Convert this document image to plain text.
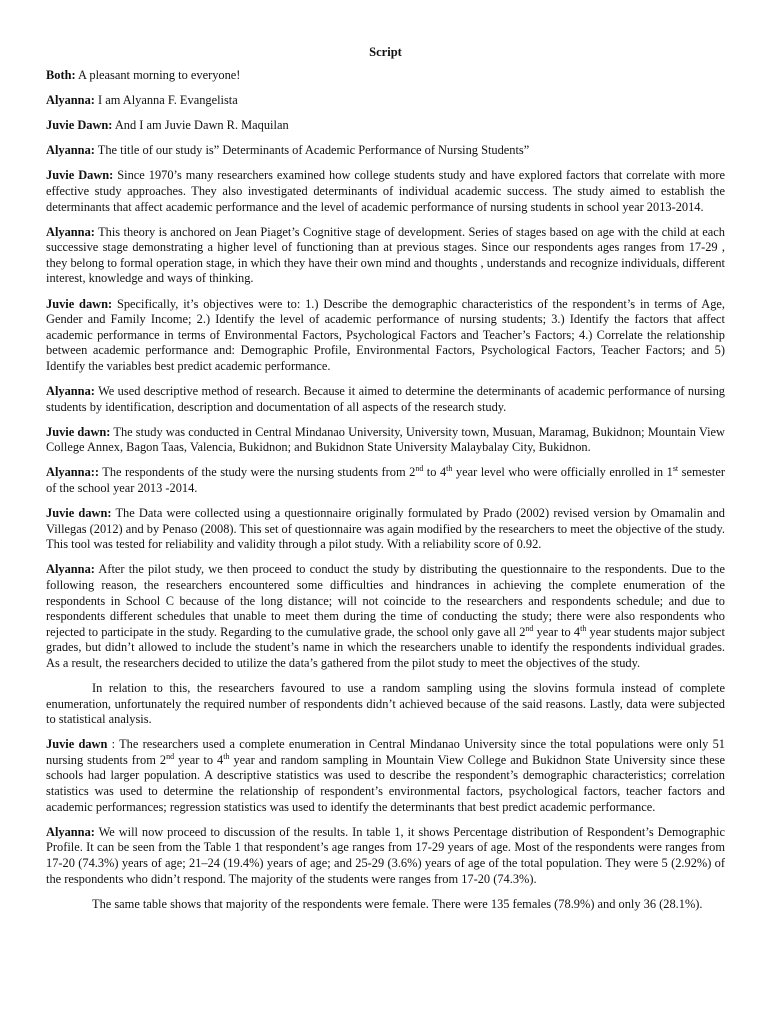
Script

Both: A pleasant morning to everyone!

Alyanna: I am Alyanna F. Evangelista

Juvie Dawn: And I am Juvie Dawn R. Maquilan

Alyanna: The title of our study is” Determinants of Academic Performance of Nursing Students”

Juvie Dawn: Since 1970’s many researchers examined how college students study and have explored factors that correlate with more effective study approaches. They also investigated determinants of individual academic success. The study aimed to establish the determinants that affect academic performance and the level of academic performance of nursing students in school year 2013-2014.

Alyanna: This theory is anchored on Jean Piaget’s Cognitive stage of development. Series of stages based on age with the child at each successive stage demonstrating a higher level of functioning than at previous stages. Since our respondents ages ranges from 17-29 , they belong to formal operation stage, in which they have their own mind and thoughts , understands and recognize individuals, different interest, knowledge and ways of thinking.

Juvie dawn: Specifically, it’s objectives were to: 1.) Describe the demographic characteristics of the respondent’s in terms of Age, Gender and Family Income; 2.) Identify the level of academic performance of nursing students; 3.) Identify the factors that affect academic performance in terms of Environmental Factors, Psychological Factors and Teacher’s Factors; 4.) Correlate the relationship between academic performance and: Demographic Profile, Environmental Factors, Psychological Factors, Teacher Factors; and 5) Identify the variables best predict academic performance.

Alyanna: We used descriptive method of research. Because it aimed to determine the determinants of academic performance of nursing students by identification, description and documentation of all aspects of the research study.

Juvie dawn: The study was conducted in Central Mindanao University, University town, Musuan, Maramag, Bukidnon; Mountain View College Annex, Bagon Taas, Valencia, Bukidnon; and Bukidnon State University Malaybalay City, Bukidnon.

Alyanna:: The respondents of the study were the nursing students from 2nd to 4th year level who were officially enrolled in 1st semester of the school year 2013 -2014.

Juvie dawn: The Data were collected using a questionnaire originally formulated by Prado (2002) revised version by Omamalin and Villegas (2012) and by Penaso (2008). This set of questionnaire was again modified by the researchers to meet the objective of the study. This tool was tested for reliability and validity through a pilot study. With a reliability score of 0.92.

Alyanna: After the pilot study, we then proceed to conduct the study by distributing the questionnaire to the respondents. Due to the following reason, the researchers encountered some difficulties and hindrances in achieving the complete enumeration of the respondents in School C because of the long distance; will not coincide to the researchers and respondents schedule; and due to respondents different schedules that unable to meet them during the time of conducting the study; there were also respondents who rejected to participate in the study. Regarding to the cumulative grade, the school only gave all 2nd year to 4th year students major subject grades, but didn’t allowed to include the student’s name in which the researchers unable to identify the respondents individual grades. As a result, the researchers decided to utilize the data’s gathered from the pilot study to meet the objectives of the study.

In relation to this, the researchers favoured to use a random sampling using the slovins formula instead of complete enumeration, unfortunately the required number of respondents didn’t achieved because of the said reasons. Lastly, data were subjected to statistical analysis.

Juvie dawn : The researchers used a complete enumeration in Central Mindanao University since the total populations were only 51 nursing students from 2nd year to 4th year and random sampling in Mountain View College and Bukidnon State University since these schools had larger population. A descriptive statistics was used to describe the respondent’s demographic characteristics; correlation statistics was used to determine the relationship of respondent’s environmental factors, psychological factors, teacher factors and academic performances; regression statistics was used to identify the determinants that best predict academic performance.

Alyanna: We will now proceed to discussion of the results. In table 1, it shows Percentage distribution of Respondent’s Demographic Profile. It can be seen from the Table 1 that respondent’s age ranges from 17-29 years of age. Most of the respondents were ranges from 17-20 (74.3%) years of age; 21–24 (19.4%) years of age; and 25-29 (3.6%) years of age of the total population. They were 5 (2.92%) of the respondents who didn’t respond. The majority of the students were ranges from 17-20 (74.3%).

The same table shows that majority of the respondents were female. There were 135 females (78.9%) and only 36 (28.1%).
